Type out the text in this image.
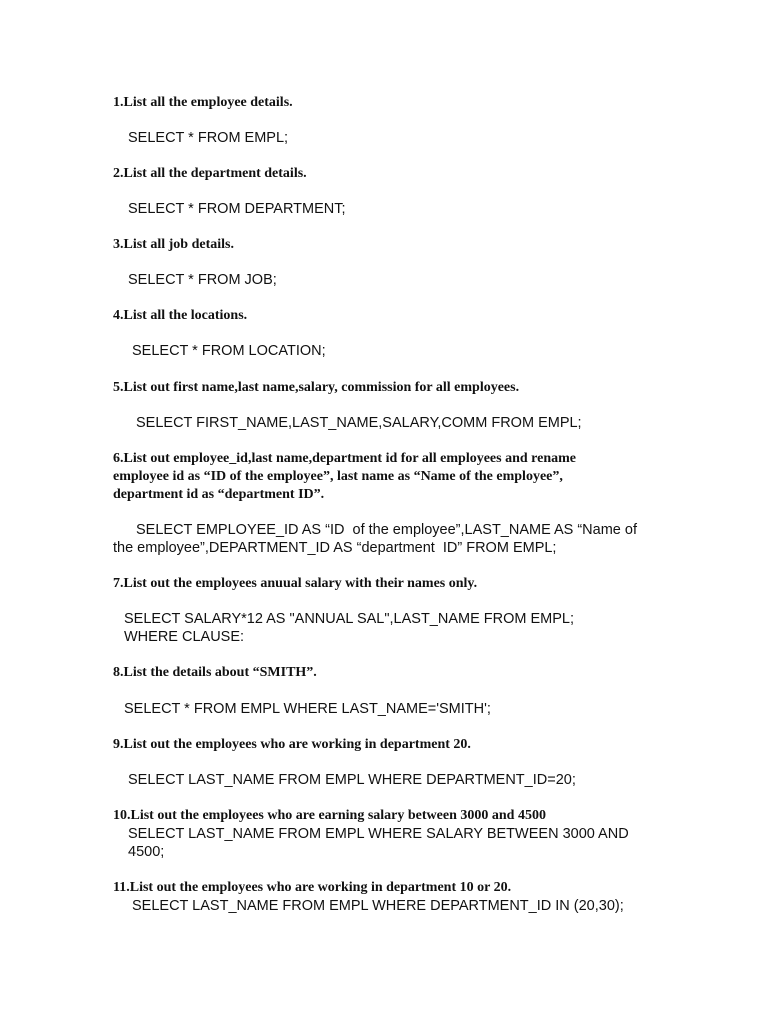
1.List all the employee details.
SELECT * FROM EMPL;
2.List all the department details.
SELECT * FROM DEPARTMENT;
3.List all job details.
SELECT * FROM JOB;
4.List all the locations.
SELECT * FROM LOCATION;
5.List out first name,last name,salary, commission for all employees.
SELECT FIRST_NAME,LAST_NAME,SALARY,COMM FROM EMPL;
6.List out employee_id,last name,department id for all employees and rename
employee id as “ID of the employee”, last name as “Name of the employee”,
department id as “department ID”.
SELECT EMPLOYEE_ID AS “ID  of the employee”,LAST_NAME AS “Name of
the employee”,DEPARTMENT_ID AS “department  ID” FROM EMPL;
7.List out the employees anuual salary with their names only.
SELECT SALARY*12 AS "ANNUAL SAL",LAST_NAME FROM EMPL;
WHERE CLAUSE:
8.List the details about “SMITH”.
SELECT * FROM EMPL WHERE LAST_NAME='SMITH';
9.List out the employees who are working in department 20.
SELECT LAST_NAME FROM EMPL WHERE DEPARTMENT_ID=20;
10.List out the employees who are earning salary between 3000 and 4500
SELECT LAST_NAME FROM EMPL WHERE SALARY BETWEEN 3000 AND
4500;
11.List out the employees who are working in department 10 or 20.
SELECT LAST_NAME FROM EMPL WHERE DEPARTMENT_ID IN (20,30);
